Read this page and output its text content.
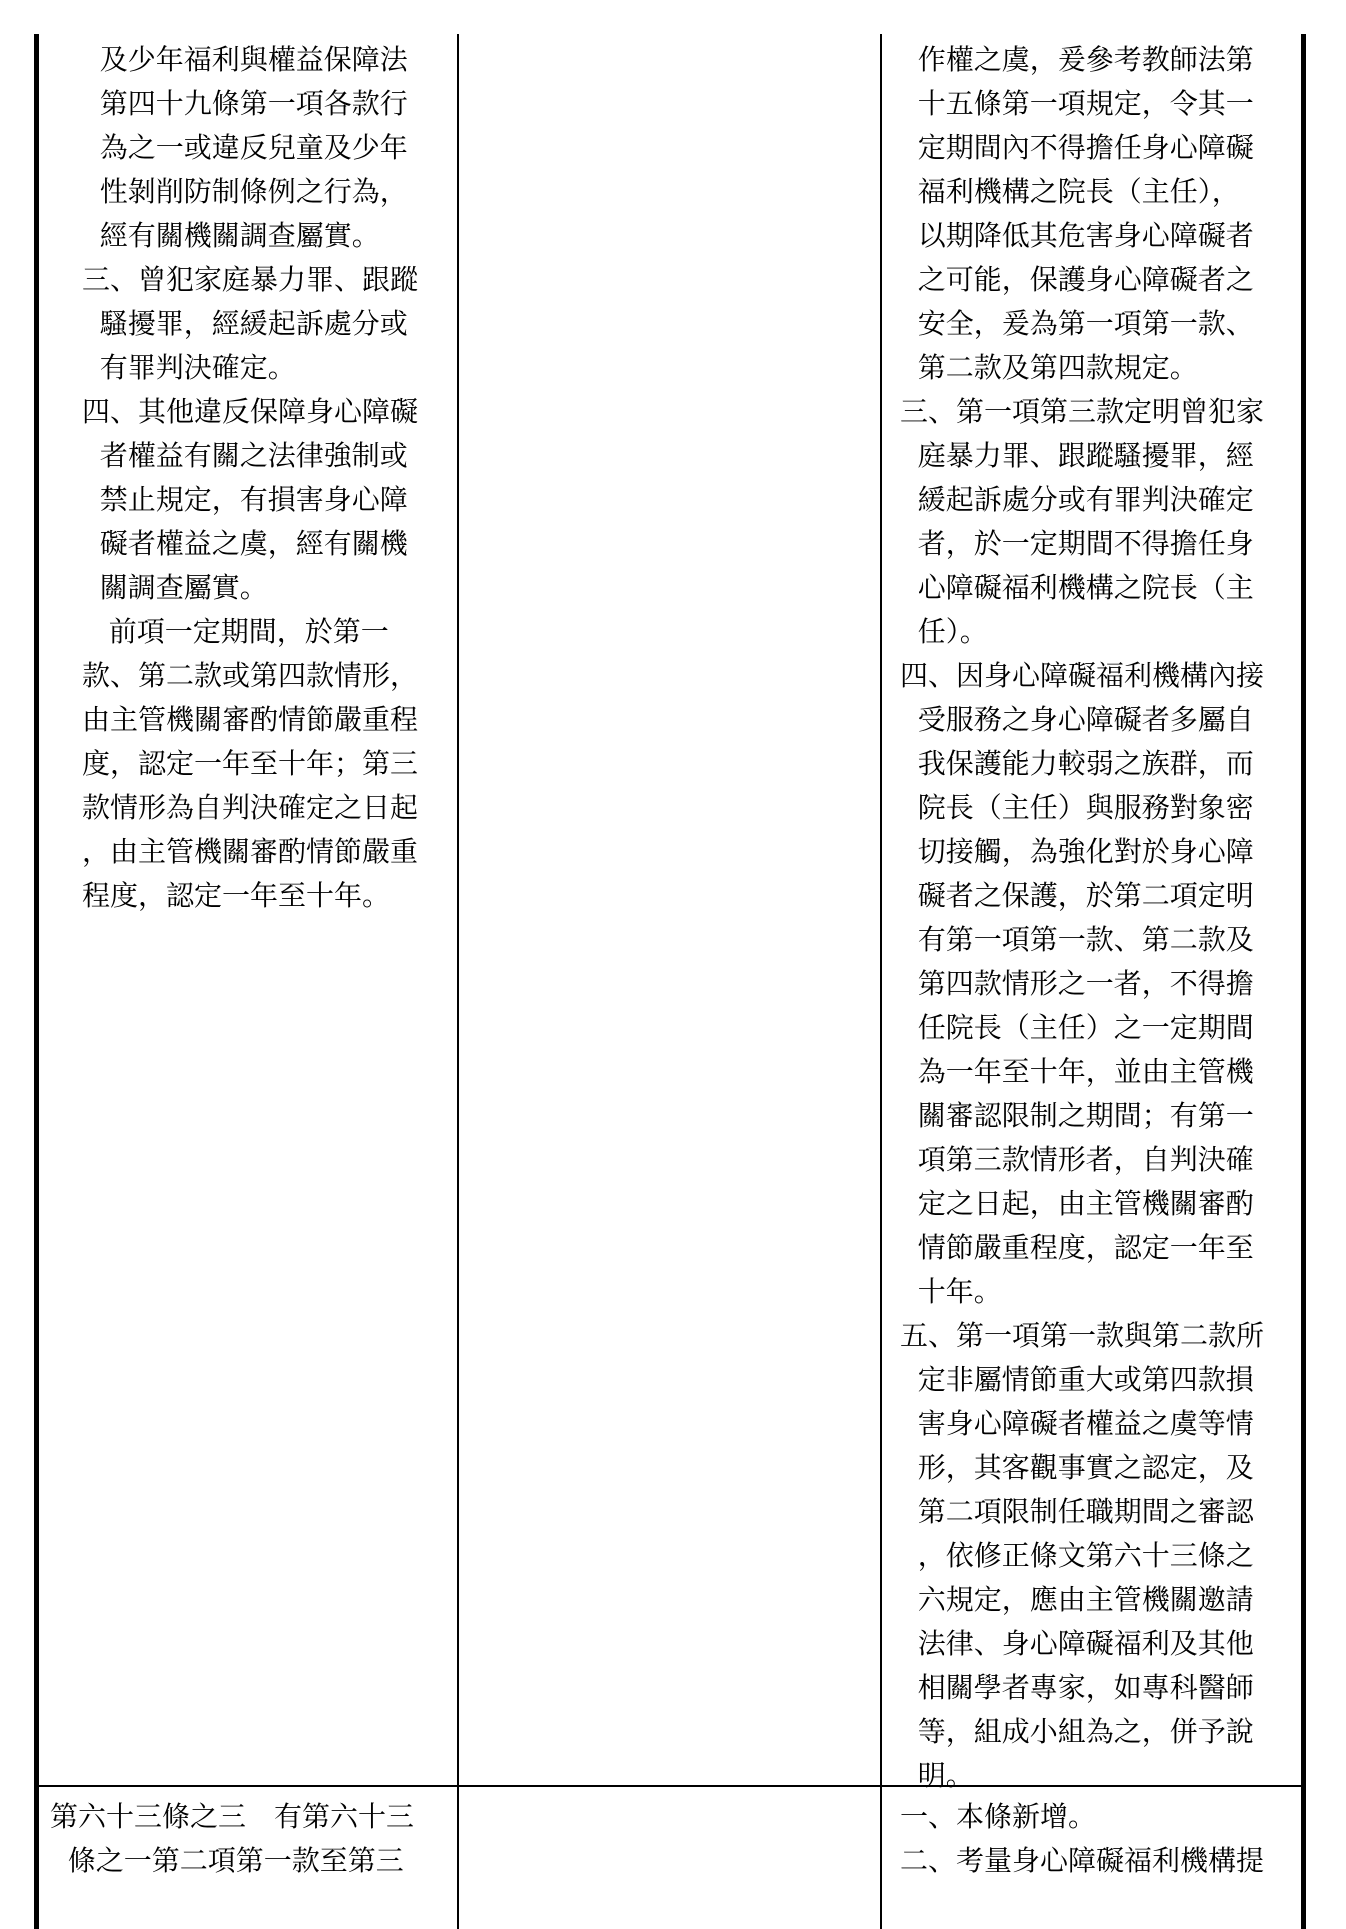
及少年福利與權益保障法
第四十九條第一項各款行
為之一或違反兒童及少年
性剝削防制條例之行為，
經有關機關調查屬實。
三、曾犯家庭暴力罪、跟蹤
騷擾罪，經緩起訴處分或
有罪判決確定。
四、其他違反保障身心障礙
者權益有關之法律強制或
禁止規定，有損害身心障
礙者權益之虞，經有關機
關調查屬實。
前項一定期間，於第一
款、第二款或第四款情形，
由主管機關審酌情節嚴重程
度，認定一年至十年；第三
款情形為自判決確定之日起
，由主管機關審酌情節嚴重
程度，認定一年至十年。
作權之虞，爰參考教師法第
十五條第一項規定，令其一
定期間內不得擔任身心障礙
福利機構之院長（主任），
以期降低其危害身心障礙者
之可能，保護身心障礙者之
安全，爰為第一項第一款、
第二款及第四款規定。
三、第一項第三款定明曾犯家
庭暴力罪、跟蹤騷擾罪，經
緩起訴處分或有罪判決確定
者，於一定期間不得擔任身
心障礙福利機構之院長（主
任）。
四、因身心障礙福利機構內接
受服務之身心障礙者多屬自
我保護能力較弱之族群，而
院長（主任）與服務對象密
切接觸，為強化對於身心障
礙者之保護，於第二項定明
有第一項第一款、第二款及
第四款情形之一者，不得擔
任院長（主任）之一定期間
為一年至十年，並由主管機
關審認限制之期間；有第一
項第三款情形者，自判決確
定之日起，由主管機關審酌
情節嚴重程度，認定一年至
十年。
五、第一項第一款與第二款所
定非屬情節重大或第四款損
害身心障礙者權益之虞等情
形，其客觀事實之認定，及
第二項限制任職期間之審認
，依修正條文第六十三條之
六規定，應由主管機關邀請
法律、身心障礙福利及其他
相關學者專家，如專科醫師
等，組成小組為之，併予說
明。
第六十三條之三　有第六十三
條之一第二項第一款至第三
一、本條新增。
二、考量身心障礙福利機構提
